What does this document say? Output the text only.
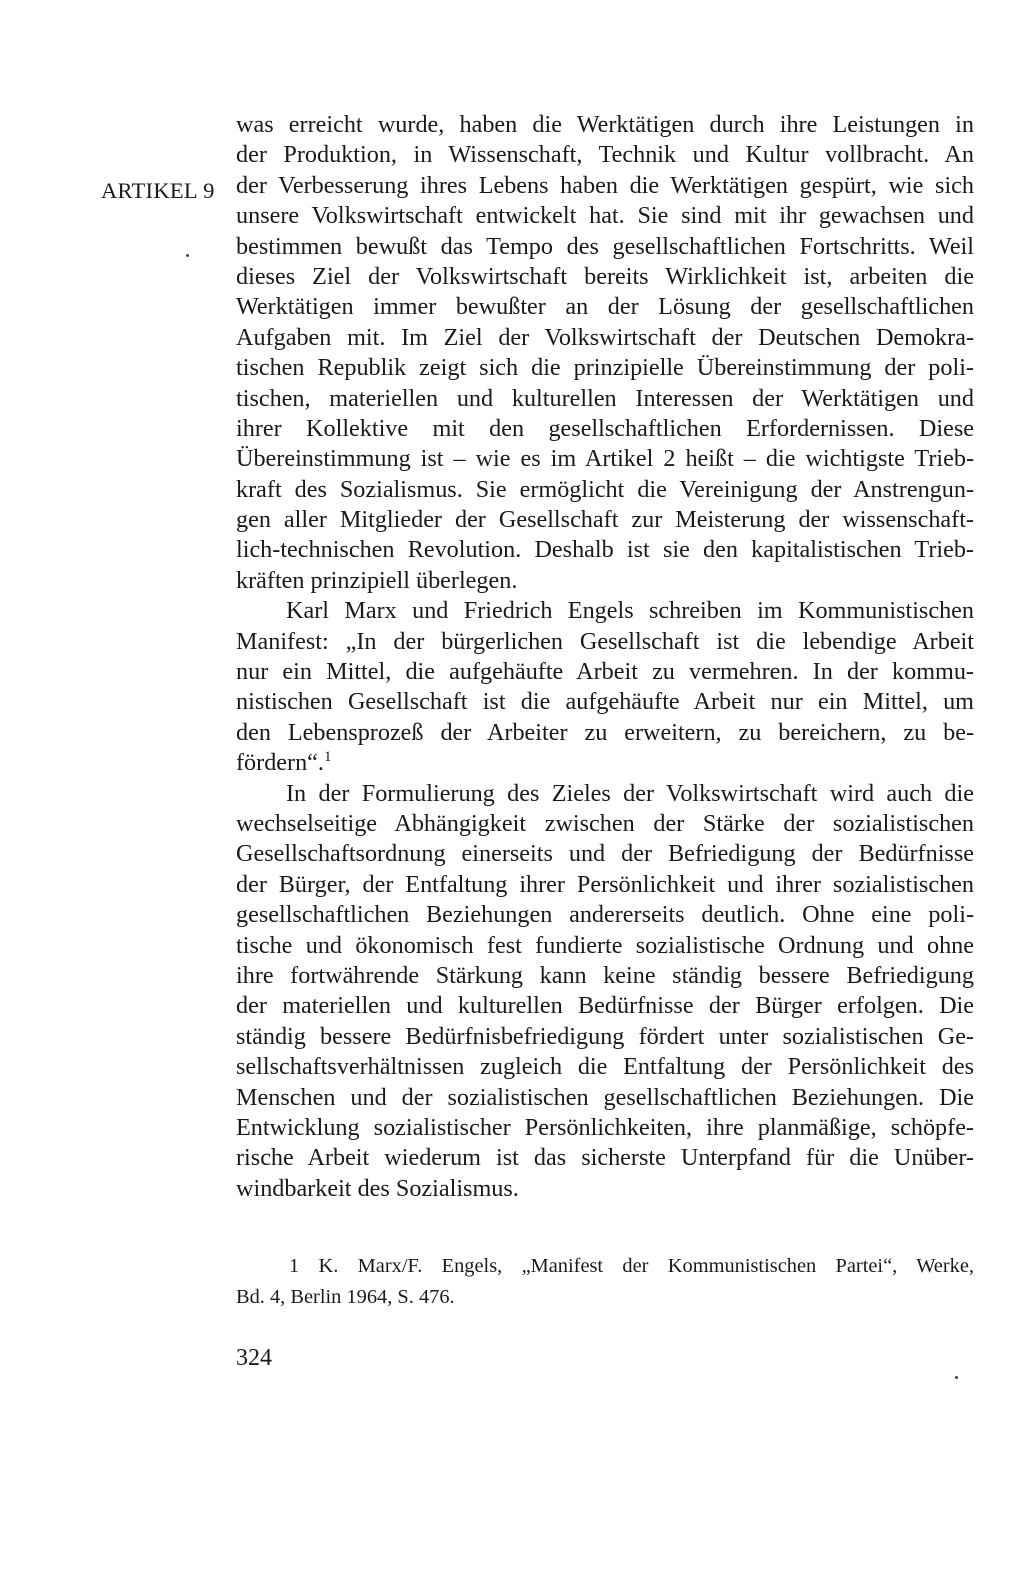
ARTIKEL 9
was erreicht wurde, haben die Werktätigen durch ihre Leistungen in
der Produktion, in Wissenschaft, Technik und Kultur vollbracht. An
der Verbesserung ihres Lebens haben die Werktätigen gespürt, wie sich
unsere Volkswirtschaft entwickelt hat. Sie sind mit ihr gewachsen und
bestimmen bewußt das Tempo des gesellschaftlichen Fortschritts. Weil
dieses Ziel der Volkswirtschaft bereits Wirklichkeit ist, arbeiten die
Werktätigen immer bewußter an der Lösung der gesellschaftlichen
Aufgaben mit. Im Ziel der Volkswirtschaft der Deutschen Demokra-
tischen Republik zeigt sich die prinzipielle Übereinstimmung der poli-
tischen, materiellen und kulturellen Interessen der Werktätigen und
ihrer Kollektive mit den gesellschaftlichen Erfordernissen. Diese
Übereinstimmung ist – wie es im Artikel 2 heißt – die wichtigste Trieb-
kraft des Sozialismus. Sie ermöglicht die Vereinigung der Anstrengun-
gen aller Mitglieder der Gesellschaft zur Meisterung der wissenschaft-
lich-technischen Revolution. Deshalb ist sie den kapitalistischen Trieb-
kräften prinzipiell überlegen.
Karl Marx und Friedrich Engels schreiben im Kommunistischen
Manifest: „In der bürgerlichen Gesellschaft ist die lebendige Arbeit
nur ein Mittel, die aufgehäufte Arbeit zu vermehren. In der kommu-
nistischen Gesellschaft ist die aufgehäufte Arbeit nur ein Mittel, um
den Lebensprozeß der Arbeiter zu erweitern, zu bereichern, zu be-
fördern“.$^1$
In der Formulierung des Zieles der Volkswirtschaft wird auch die
wechselseitige Abhängigkeit zwischen der Stärke der sozialistischen
Gesellschaftsordnung einerseits und der Befriedigung der Bedürfnisse
der Bürger, der Entfaltung ihrer Persönlichkeit und ihrer sozialistischen
gesellschaftlichen Beziehungen andererseits deutlich. Ohne eine poli-
tische und ökonomisch fest fundierte sozialistische Ordnung und ohne
ihre fortwährende Stärkung kann keine ständig bessere Befriedigung
der materiellen und kulturellen Bedürfnisse der Bürger erfolgen. Die
ständig bessere Bedürfnisbefriedigung fördert unter sozialistischen Ge-
sellschaftsverhältnissen zugleich die Entfaltung der Persönlichkeit des
Menschen und der sozialistischen gesellschaftlichen Beziehungen. Die
Entwicklung sozialistischer Persönlichkeiten, ihre planmäßige, schöpfe-
rische Arbeit wiederum ist das sicherste Unterpfand für die Unüber-
windbarkeit des Sozialismus.
1 K. Marx/F. Engels, „Manifest der Kommunistischen Partei“, Werke,
Bd. 4, Berlin 1964, S. 476.
324
